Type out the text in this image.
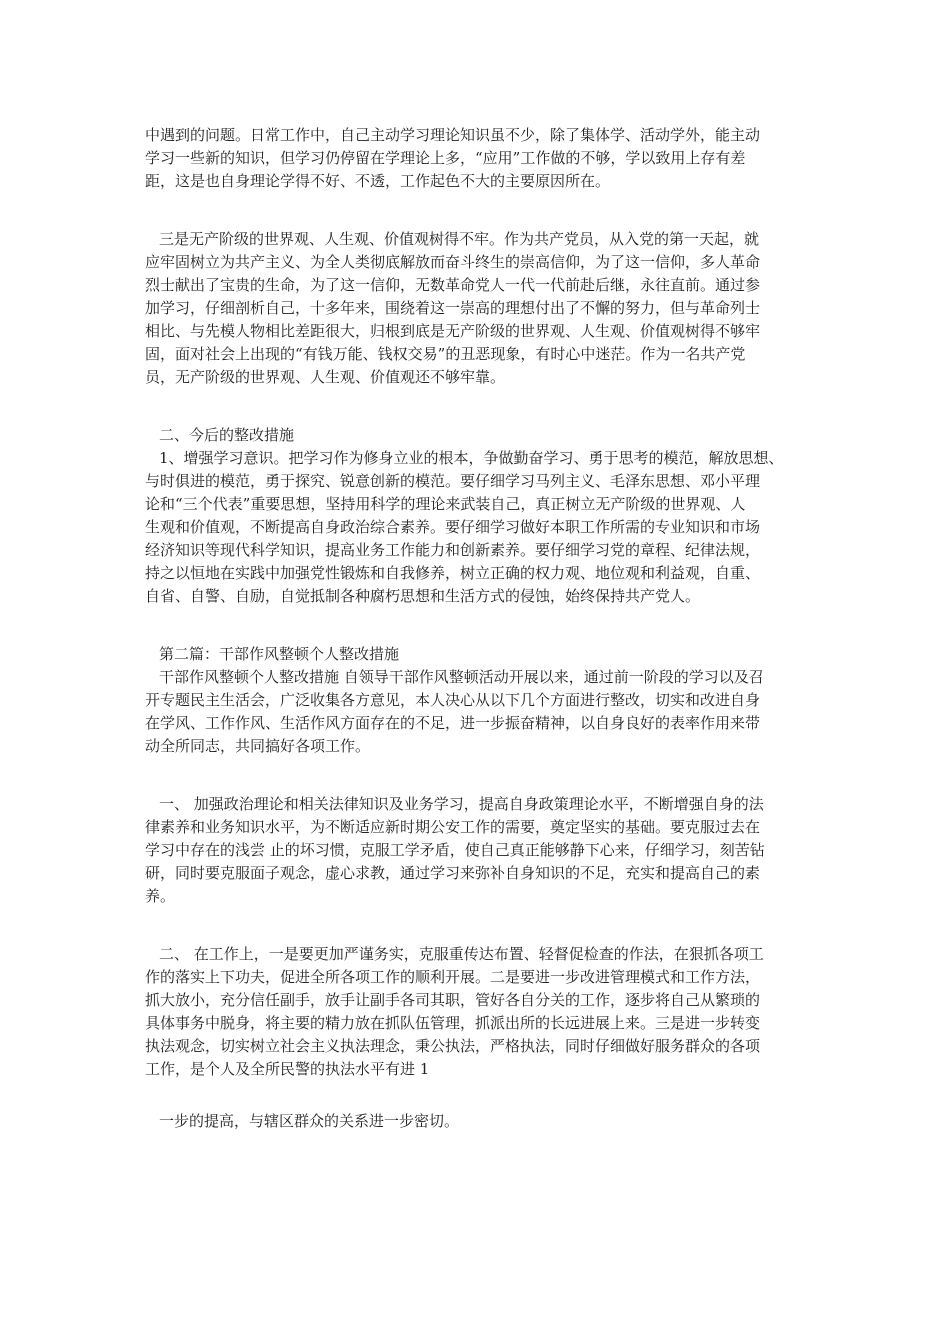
中遇到的问题。日常工作中，自己主动学习理论知识虽不少，除了集体学、活动学外，能主动
学习一些新的知识，但学习仍停留在学理论上多，“应用”工作做的不够，学以致用上存有差
距，这是也自身理论学得不好、不透，工作起色不大的主要原因所在。
三是无产阶级的世界观、人生观、价值观树得不牢。作为共产党员，从入党的第一天起，就
应牢固树立为共产主义、为全人类彻底解放而奋斗终生的崇高信仰，为了这一信仰，多人革命
烈士献出了宝贵的生命，为了这一信仰，无数革命党人一代一代前赴后继，永往直前。通过参
加学习，仔细剖析自己，十多年来，围绕着这一崇高的理想付出了不懈的努力，但与革命列士
相比、与先模人物相比差距很大，归根到底是无产阶级的世界观、人生观、价值观树得不够牢
固，面对社会上出现的“有钱万能、钱权交易”的丑恶现象，有时心中迷茫。作为一名共产党
员，无产阶级的世界观、人生观、价值观还不够牢靠。
二、今后的整改措施
1、增强学习意识。把学习作为修身立业的根本，争做勤奋学习、勇于思考的模范，解放思想、
与时俱进的模范，勇于探究、锐意创新的模范。要仔细学习马列主义、毛泽东思想、邓小平理
论和“三个代表”重要思想，坚持用科学的理论来武装自己，真正树立无产阶级的世界观、人
生观和价值观，不断提高自身政治综合素养。要仔细学习做好本职工作所需的专业知识和市场
经济知识等现代科学知识，提高业务工作能力和创新素养。要仔细学习党的章程、纪律法规，
持之以恒地在实践中加强党性锻炼和自我修养，树立正确的权力观、地位观和利益观，自重、
自省、自警、自励，自觉抵制各种腐朽思想和生活方式的侵蚀，始终保持共产党人。
第二篇：干部作风整顿个人整改措施
干部作风整顿个人整改措施 自领导干部作风整顿活动开展以来，通过前一阶段的学习以及召
开专题民主生活会，广泛收集各方意见，本人决心从以下几个方面进行整改，切实和改进自身
在学风、工作作风、生活作风方面存在的不足，进一步振奋精神，以自身良好的表率作用来带
动全所同志，共同搞好各项工作。
一、 加强政治理论和相关法律知识及业务学习，提高自身政策理论水平，不断增强自身的法
律素养和业务知识水平，为不断适应新时期公安工作的需要，奠定坚实的基础。要克服过去在
学习中存在的浅尝 止的坏习惯，克服工学矛盾，使自己真正能够静下心来，仔细学习，刻苦钻
研，同时要克服面子观念，虚心求教，通过学习来弥补自身知识的不足，充实和提高自己的素
养。
二、 在工作上，一是要更加严谨务实，克服重传达布置、轻督促检查的作法，在狠抓各项工
作的落实上下功夫，促进全所各项工作的顺利开展。二是要进一步改进管理模式和工作方法，
抓大放小，充分信任副手，放手让副手各司其职，管好各自分关的工作，逐步将自己从繁琐的
具体事务中脱身，将主要的精力放在抓队伍管理，抓派出所的长远进展上来。三是进一步转变
执法观念，切实树立社会主义执法理念，秉公执法，严格执法，同时仔细做好服务群众的各项
工作，是个人及全所民警的执法水平有进 1
一步的提高，与辖区群众的关系进一步密切。
